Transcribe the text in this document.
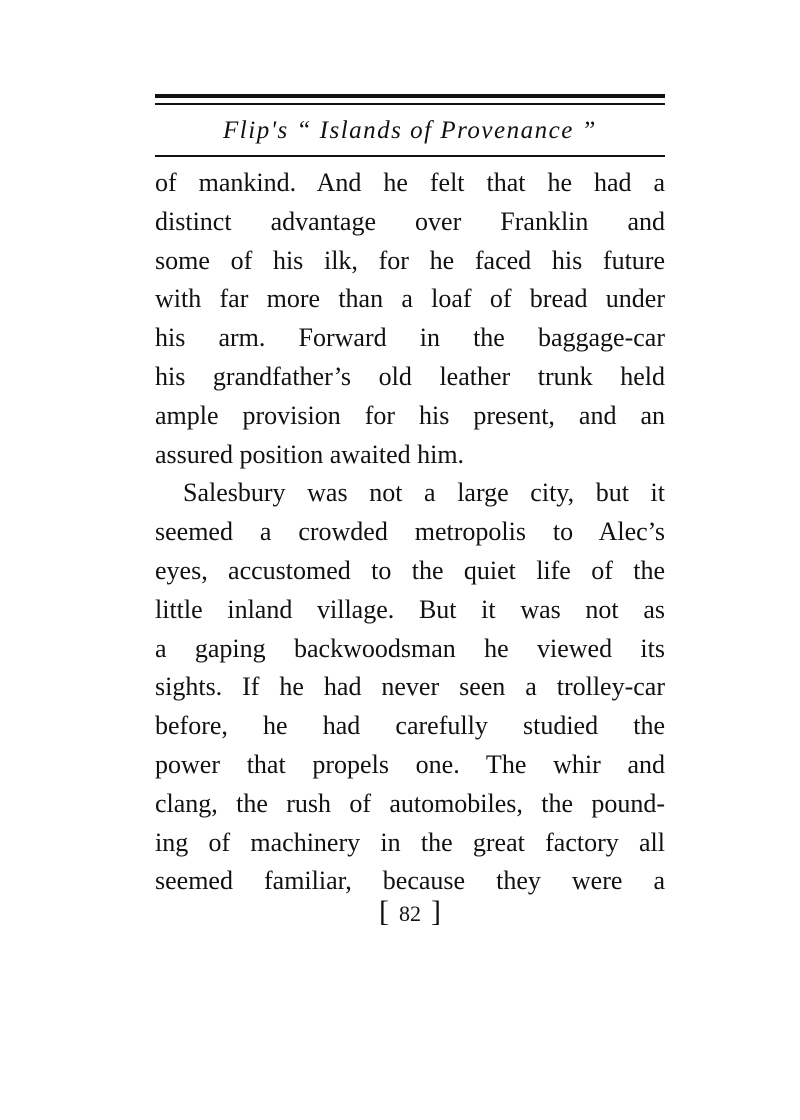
Flip's “ Islands of Provenance ”
of mankind. And he felt that he had a
distinct advantage over Franklin and
some of his ilk, for he faced his future
with far more than a loaf of bread under
his arm. Forward in the baggage-car
his grandfather’s old leather trunk held
ample provision for his present, and an
assured position awaited him.
Salesbury was not a large city, but it
seemed a crowded metropolis to Alec’s
eyes, accustomed to the quiet life of the
little inland village. But it was not as
a gaping backwoodsman he viewed its
sights. If he had never seen a trolley-car
before, he had carefully studied the
power that propels one. The whir and
clang, the rush of automobiles, the pound-
ing of machinery in the great factory all
seemed familiar, because they were a
[ 82 ]
